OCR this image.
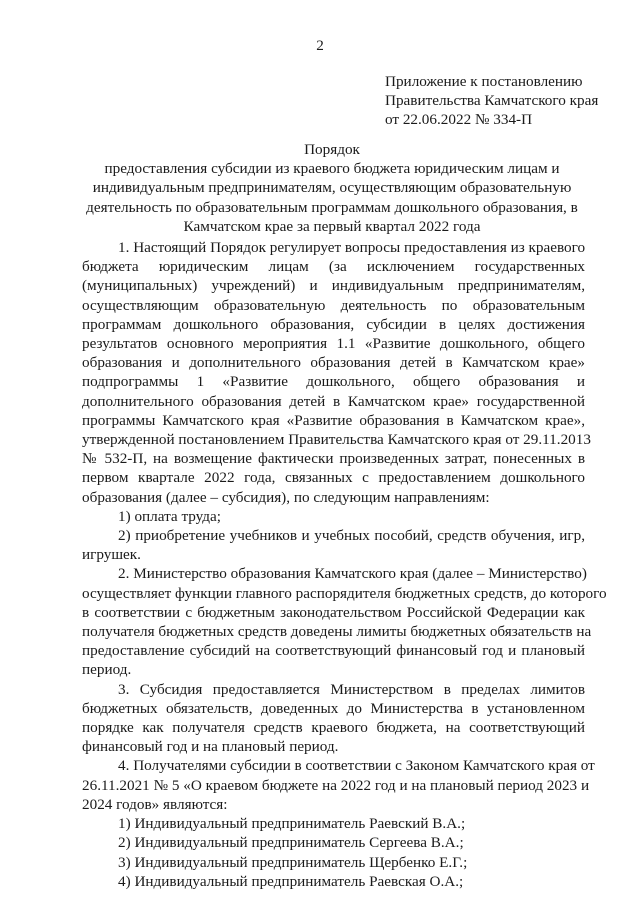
2
Приложение к постановлению
Правительства Камчатского края
от 22.06.2022 № 334-П
Порядок
предоставления субсидии из краевого бюджета юридическим лицам и
индивидуальным предпринимателям, осуществляющим образовательную
деятельность по образовательным программам дошкольного образования, в
Камчатском крае за первый квартал 2022 года
1. Настоящий Порядок регулирует вопросы предоставления из краевого
бюджета юридическим лицам (за исключением государственных
(муниципальных) учреждений) и индивидуальным предпринимателям,
осуществляющим образовательную деятельность по образовательным
программам дошкольного образования, субсидии в целях достижения
результатов основного мероприятия 1.1 «Развитие дошкольного, общего
образования и дополнительного образования детей в Камчатском крае»
подпрограммы 1 «Развитие дошкольного, общего образования и
дополнительного образования детей в Камчатском крае» государственной
программы Камчатского края «Развитие образования в Камчатском крае»,
утвержденной постановлением Правительства Камчатского края от 29.11.2013
№ 532-П, на возмещение фактически произведенных затрат, понесенных в
первом квартале 2022 года, связанных с предоставлением дошкольного
образования (далее – субсидия), по следующим направлениям:
1) оплата труда;
2) приобретение учебников и учебных пособий, средств обучения, игр,
игрушек.
2. Министерство образования Камчатского края (далее – Министерство)
осуществляет функции главного распорядителя бюджетных средств, до которого
в соответствии с бюджетным законодательством Российской Федерации как
получателя бюджетных средств доведены лимиты бюджетных обязательств на
предоставление субсидий на соответствующий финансовый год и плановый
период.
3. Субсидия предоставляется Министерством в пределах лимитов
бюджетных обязательств, доведенных до Министерства в установленном
порядке как получателя средств краевого бюджета, на соответствующий
финансовый год и на плановый период.
4. Получателями субсидии в соответствии с Законом Камчатского края от
26.11.2021 № 5 «О краевом бюджете на 2022 год и на плановый период 2023 и
2024 годов» являются:
1) Индивидуальный предприниматель Раевский В.А.;
2) Индивидуальный предприниматель Сергеева В.А.;
3) Индивидуальный предприниматель Щербенко Е.Г.;
4) Индивидуальный предприниматель Раевская О.А.;
